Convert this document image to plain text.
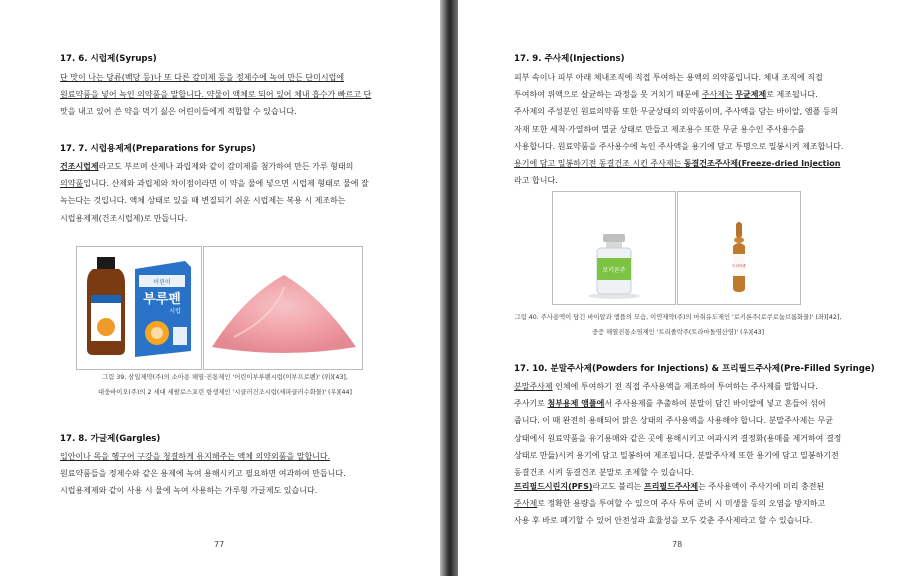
17. 6. 시럽제(Syrups)
단 맛이 나는 당류(백당 등)나 또 다른 감미제 등을 정제수에 녹여 만든 단미시럽에
원료약품을 넣어 녹인 의약품을 말합니다. 약물이 액체로 되어 있어 체내 흡수가 빠르고 단
맛을 내고 있어 쓴 약을 먹기 싫은 어린이들에게 적합할 수 있습니다.
17. 7. 시럽용제제(Preparations for Syrups)
건조시럽제라고도 부르며 산제나 과립제와 같이 감미제를 첨가하여 만든 가루 형태의
의약품입니다. 산제와 과립제와 차이점이라면 이 약을 물에 넣으면 시럽제 형태로 물에 잘
녹는다는 것입니다. 액체 상태로 있을 때 변질되기 쉬운 시럽제는 복용 시 제조하는
시럽용제제(건조시럽제)로 만듭니다.
어린이
부루펜
시럽
그림 39. 삼일제약(주)의 소아용 해열·진통제인 '어린이부루펜시럽(이부프로펜)' (위)[43],
대웅바이오(주)의 2 세대 세팔로스포린 항생제인 '시클러건조시럽(세파클러수화물)' (우)[44]
17. 8. 가글제(Gargles)
입안이나 목을 헹구어 구강을 청결하게 유지해주는 액체 의약외품을 말합니다.
원료약품들을 정제수와 같은 용제에 녹여 용해시키고 필요하면 여과하여 만듭니다.
시럽용제제와 같이 사용 시 물에 녹여 사용하는 가루형 가글제도 있습니다.
77
17. 9. 주사제(Injections)
피부 속이나 피부 아래 체내조직에 직접 투여하는 용액의 의약품입니다. 체내 조직에 직접
투여하여 위액으로 살균하는 과정을 못 거치기 때문에 주사제는 무균제제로 제조됩니다.
주사제의 주성분인 원료의약품 또한 무균상태의 의약품이며, 주사액을 담는 바이알, 앰플 등의
자재 또한 세척·가열하여 멸균 상태로 만들고 제조용수 또한 무균 용수인 주사용수를
사용합니다. 원료약품을 주사용수에 녹인 주사액을 용기에 담고 투명으로 밀봉시켜 제조합니다.
용기에 담고 밀봉하기전 동결건조 시킨 주사제는 동결건조주사제(Freeze-dried Injection
라고 합니다.
로키론주
트리아졸
그림 40. 주사용액이 담긴 바이알과 앰플의 모습, 이연제약(주)의 마취유도제인 '로키론주(로쿠로늄브롬화물)' (좌)[42],
중증 해열진통소염제인 '트리졸락주(트라마돌염산염)' (우)[43]
17. 10. 분말주사제(Powders for Injections) & 프리필드주사제(Pre-Filled Syringe)
분말주사제 인체에 투여하기 전 직접 주사용액을 제조하여 투여하는 주사제를 말합니다.
주사기로 첨부용제 앰플에서 주사용제를 추출하여 분말이 담긴 바이알에 넣고 흔들어 섞어
줍니다. 이 때 완전히 용해되어 맑은 상태의 주사용액을 사용해야 합니다. 분말주사제는 무균
상태에서 원료약품을 유기용매와 같은 곳에 용해시키고 여과시켜 결정화(용매를 제거하여 결정
상태로 만듦)시켜 용기에 담고 밀봉하여 제조됩니다. 분말주사제 또한 용기에 담고 밀봉하기전
동결건조 시켜 동결건조 분말로 조제할 수 있습니다.
프리필드시린지(PFS)라고도 불리는 프리필드주사제는 주사용액이 주사기에 미리 충전된
주사제로 정확한 용량을 투여할 수 있으며 주사 투여 준비 시 미생물 등의 오염을 방지하고
사용 후 바로 폐기할 수 있어 안전성과 효율성을 모두 갖춘 주사제라고 할 수 있습니다.
78
